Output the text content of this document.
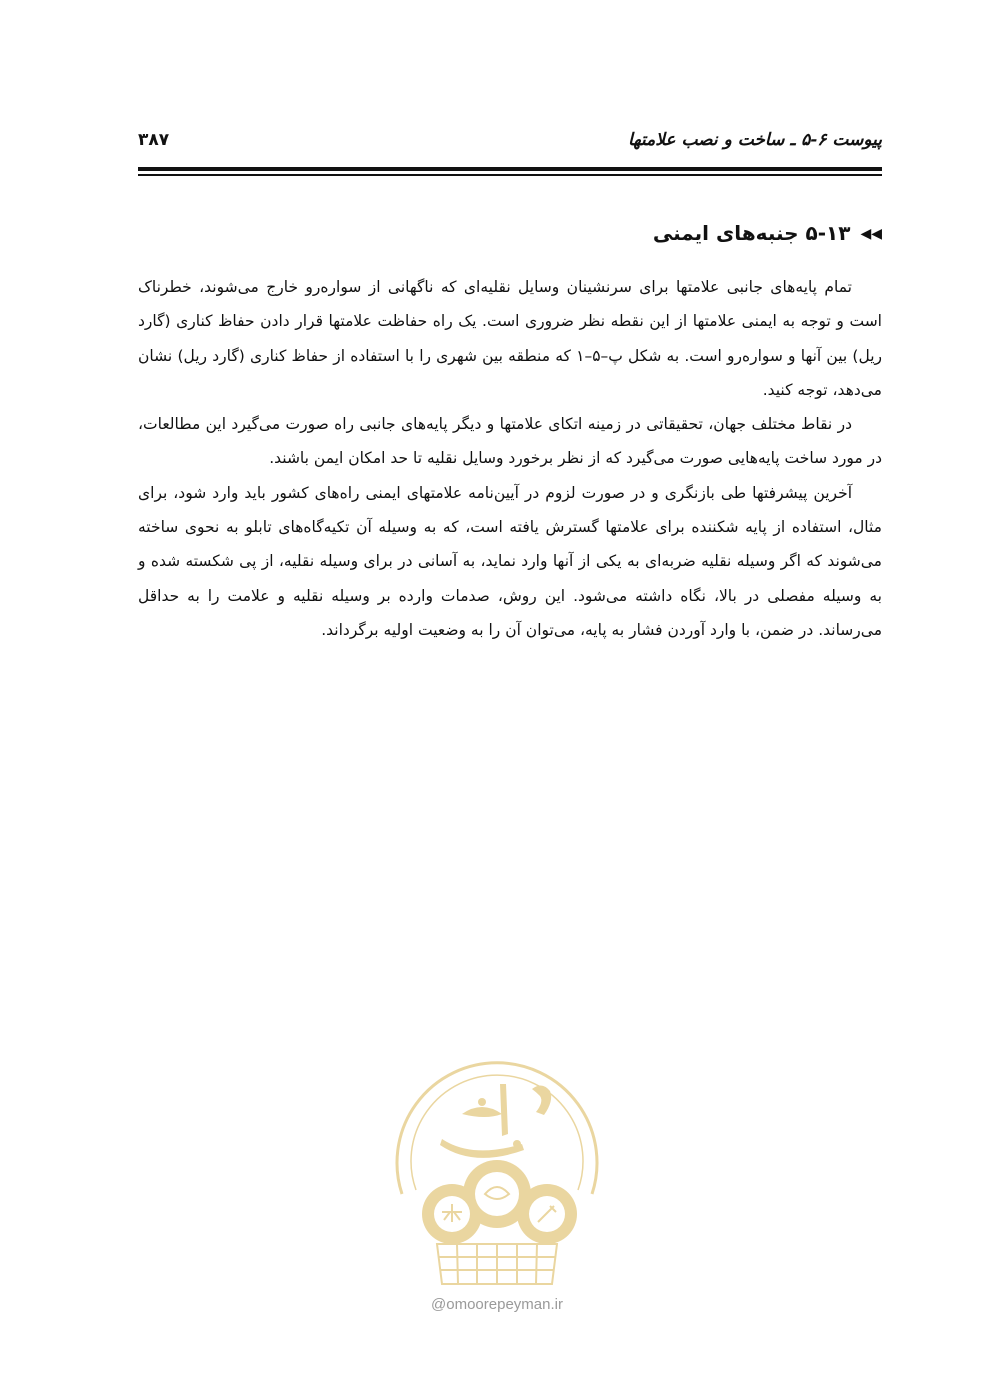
پیوست ۶-۵ ـ ساخت و نصب علامتها
۳۸۷
◀◀۵-۱۳ جنبه‌های ایمنی

تمام پایه‌های جانبی علامتها برای سرنشینان وسایل نقلیه‌ای که ناگهانی از سواره‌رو خارج می‌شوند، خطرناک است و توجه به ایمنی علامتها از این نقطه نظر ضروری است. یک راه حفاظت علامتها قرار دادن حفاظ کناری (گارد ریل) بین آنها و سواره‌رو است. به شکل پ–۵–۱ که منطقه بین شهری را با استفاده از حفاظ کناری (گارد ریل) نشان می‌دهد، توجه کنید.

در نقاط مختلف جهان، تحقیقاتی در زمینه اتکای علامتها و دیگر پایه‌های جانبی راه صورت می‌گیرد این مطالعات، در مورد ساخت پایه‌هایی صورت می‌گیرد که از نظر برخورد وسایل نقلیه تا حد امکان ایمن باشند.

آخرین پیشرفتها طی بازنگری و در صورت لزوم در آیین‌نامه علامتهای ایمنی راه‌های کشور باید وارد شود، برای مثال، استفاده از پایه شکننده برای علامتها گسترش یافته است، که به وسیله آن تکیه‌گاه‌های تابلو به نحوی ساخته می‌شوند که اگر وسیله نقلیه ضربه‌ای به یکی از آنها وارد نماید، به آسانی در برای وسیله نقلیه، از پی شکسته شده و به وسیله مفصلی در بالا، نگاه داشته می‌شود. این روش، صدمات وارده بر وسیله نقلیه و علامت را به حداقل می‌رساند. در ضمن، با وارد آوردن فشار به پایه، می‌توان آن را به وضعیت اولیه برگرداند.

@omoorepeyman.ir
